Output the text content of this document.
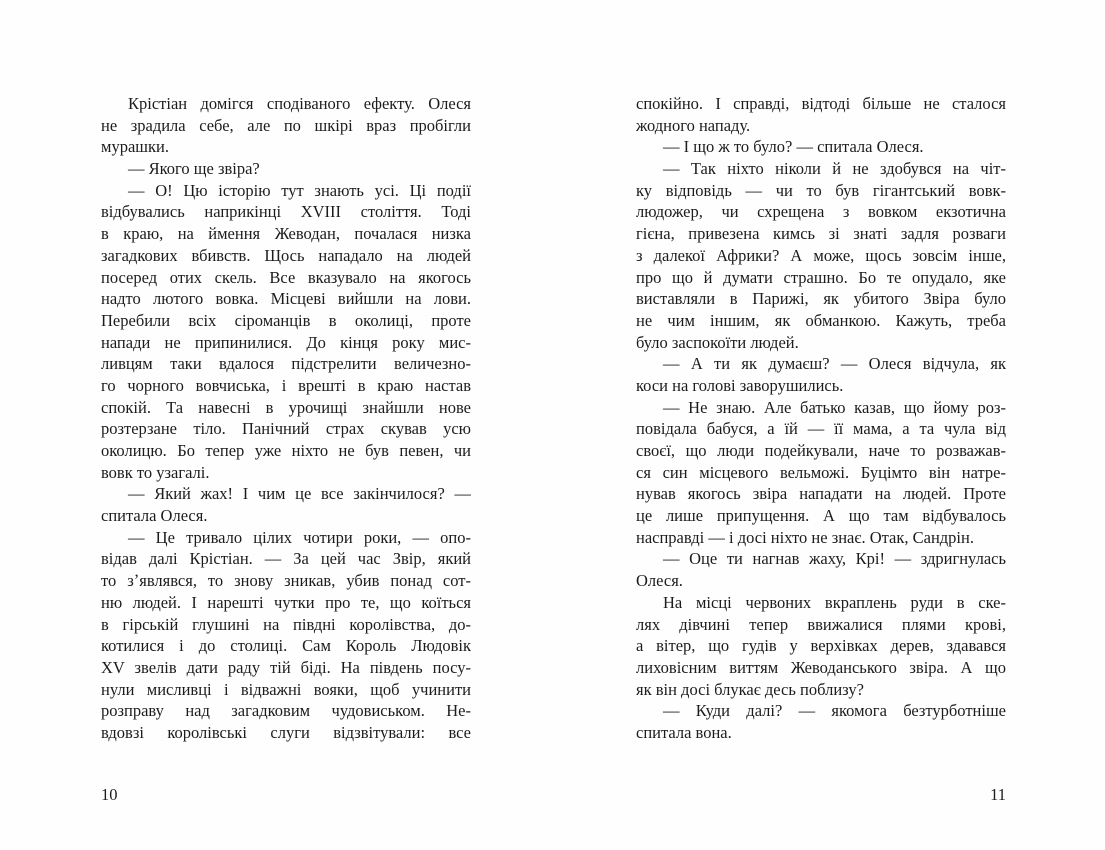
Крістіан домігся сподіваного ефекту. Олеся
не зрадила себе, але по шкірі враз пробігли
мурашки.
— Якого ще звіра?
— О! Цю історію тут знають усі. Ці події
відбувались наприкінці XVIII століття. Тоді
в краю, на ймення Жеводан, почалася низка
загадкових вбивств. Щось нападало на людей
посеред отих скель. Все вказувало на якогось
надто лютого вовка. Місцеві вийшли на лови.
Перебили всіх сіроманців в околиці, проте
напади не припинилися. До кінця року мис-
ливцям таки вдалося підстрелити величезно-
го чорного вовчиська, і врешті в краю настав
спокій. Та навесні в урочищі знайшли нове
розтерзане тіло. Панічний страх скував усю
околицю. Бо тепер уже ніхто не був певен, чи
вовк то узагалі.
— Який жах! І чим це все закінчилося? —
спитала Олеся.
— Це тривало цілих чотири роки, — опо-
відав далі Крістіан. — За цей час Звір, який
то зʼявлявся, то знову зникав, убив понад сот-
ню людей. І нарешті чутки про те, що коїться
в гірській глушині на півдні королівства, до-
котилися і до столиці. Сам Король Людовік
XV звелів дати раду тій біді. На південь посу-
нули мисливці і відважні вояки, щоб учинити
розправу над загадковим чудовиськом. Не-
вдовзі королівські слуги відзвітували: все
спокійно. І справді, відтоді більше не сталося
жодного нападу.
— І що ж то було? — спитала Олеся.
— Так ніхто ніколи й не здобувся на чіт-
ку відповідь — чи то був гігантський вовк-
людожер, чи схрещена з вовком екзотична
гієна, привезена кимсь зі знаті задля розваги
з далекої Африки? А може, щось зовсім інше,
про що й думати страшно. Бо те опудало, яке
виставляли в Парижі, як убитого Звіра було
не чим іншим, як обманкою. Кажуть, треба
було заспокоїти людей.
— А ти як думаєш? — Олеся відчула, як
коси на голові заворушились.
— Не знаю. Але батько казав, що йому роз-
повідала бабуся, а їй — її мама, а та чула від
своєї, що люди подейкували, наче то розважав-
ся син місцевого вельможі. Буцімто він натре-
нував якогось звіра нападати на людей. Проте
це лише припущення. А що там відбувалось
насправді — і досі ніхто не знає. Отак, Сандрін.
— Оце ти нагнав жаху, Крі! — здригнулась
Олеся.
На місці червоних вкраплень руди в ске-
лях дівчині тепер ввижалися плями крові,
а вітер, що гудів у верхівках дерев, здавався
лиховісним виттям Жеводанського звіра. А що
як він досі блукає десь поблизу?
— Куди далі? — якомога безтурботніше
спитала вона.
10	11
